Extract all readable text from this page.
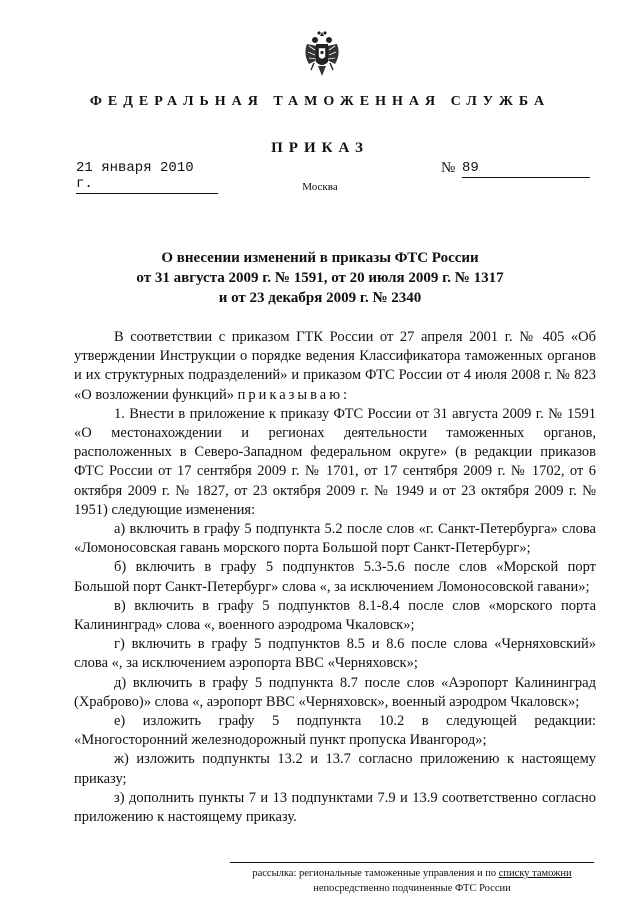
ФЕДЕРАЛЬНАЯ ТАМОЖЕННАЯ СЛУЖБА
ПРИКАЗ
21 января 2010 г.
№ 89
Москва
О внесении изменений в приказы ФТС России
от 31 августа 2009 г. № 1591, от 20 июля 2009 г. № 1317
и от 23 декабря 2009 г. № 2340

В соответствии с приказом ГТК России от 27 апреля 2001 г. № 405 «Об утверждении Инструкции о порядке ведения Классификатора таможенных органов и их структурных подразделений» и приказом ФТС России от 4 июля 2008 г. № 823 «О возложении функций» приказываю:

1. Внести в приложение к приказу ФТС России от 31 августа 2009 г. № 1591 «О местонахождении и регионах деятельности таможенных органов, расположенных в Северо-Западном федеральном округе» (в редакции приказов ФТС России от 17 сентября 2009 г. № 1701, от 17 сентября 2009 г. № 1702, от 6 октября 2009 г. № 1827, от 23 октября 2009 г. № 1949 и от 23 октября 2009 г. № 1951) следующие изменения:

а) включить в графу 5 подпункта 5.2 после слов «г. Санкт-Петербурга» слова «Ломоносовская гавань морского порта Большой порт Санкт-Петербург»;

б) включить в графу 5 подпунктов 5.3-5.6 после слов «Морской порт Большой порт Санкт-Петербург» слова «, за исключением Ломоносовской гавани»;

в) включить в графу 5 подпунктов 8.1-8.4 после слов «морского порта Калининград» слова «, военного аэродрома Чкаловск»;

г) включить в графу 5 подпунктов 8.5 и 8.6 после слова «Черняховский» слова «, за исключением аэропорта ВВС «Черняховск»;

д) включить в графу 5 подпункта 8.7 после слов «Аэропорт Калининград (Храброво)» слова «, аэропорт ВВС «Черняховск», военный аэродром Чкаловск»;

е) изложить графу 5 подпункта 10.2 в следующей редакции: «Многосторонний железнодорожный пункт пропуска Ивангород»;

ж) изложить подпункты 13.2 и 13.7 согласно приложению к настоящему приказу;

з) дополнить пункты 7 и 13 подпунктами 7.9 и 13.9 соответственно согласно приложению к настоящему приказу.

рассылка: региональные таможенные управления и по списку таможни
непосредственно подчиненные ФТС России
